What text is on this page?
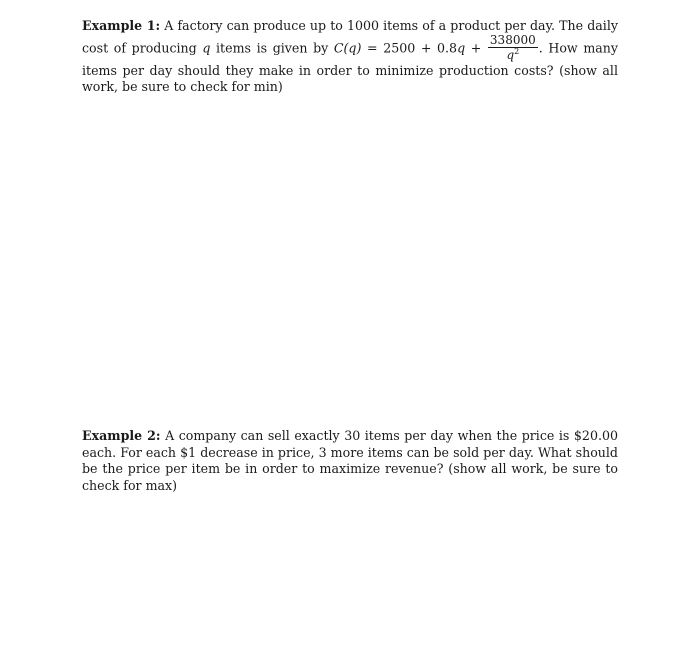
Example 1: A factory can produce up to 1000 items of a product per day. The daily cost of producing q items is given by $C(q) = 2500 + 0.8q + \frac{338000}{q^2}$ . How many items per day should they make in order to minimize production costs? (show all work, be sure to check for min)
Example 2: A company can sell exactly 30 items per day when the price is $20.00 each. For each $1 decrease in price, 3 more items can be sold per day. What should be the price per item be in order to maximize revenue? (show all work, be sure to check for max)
